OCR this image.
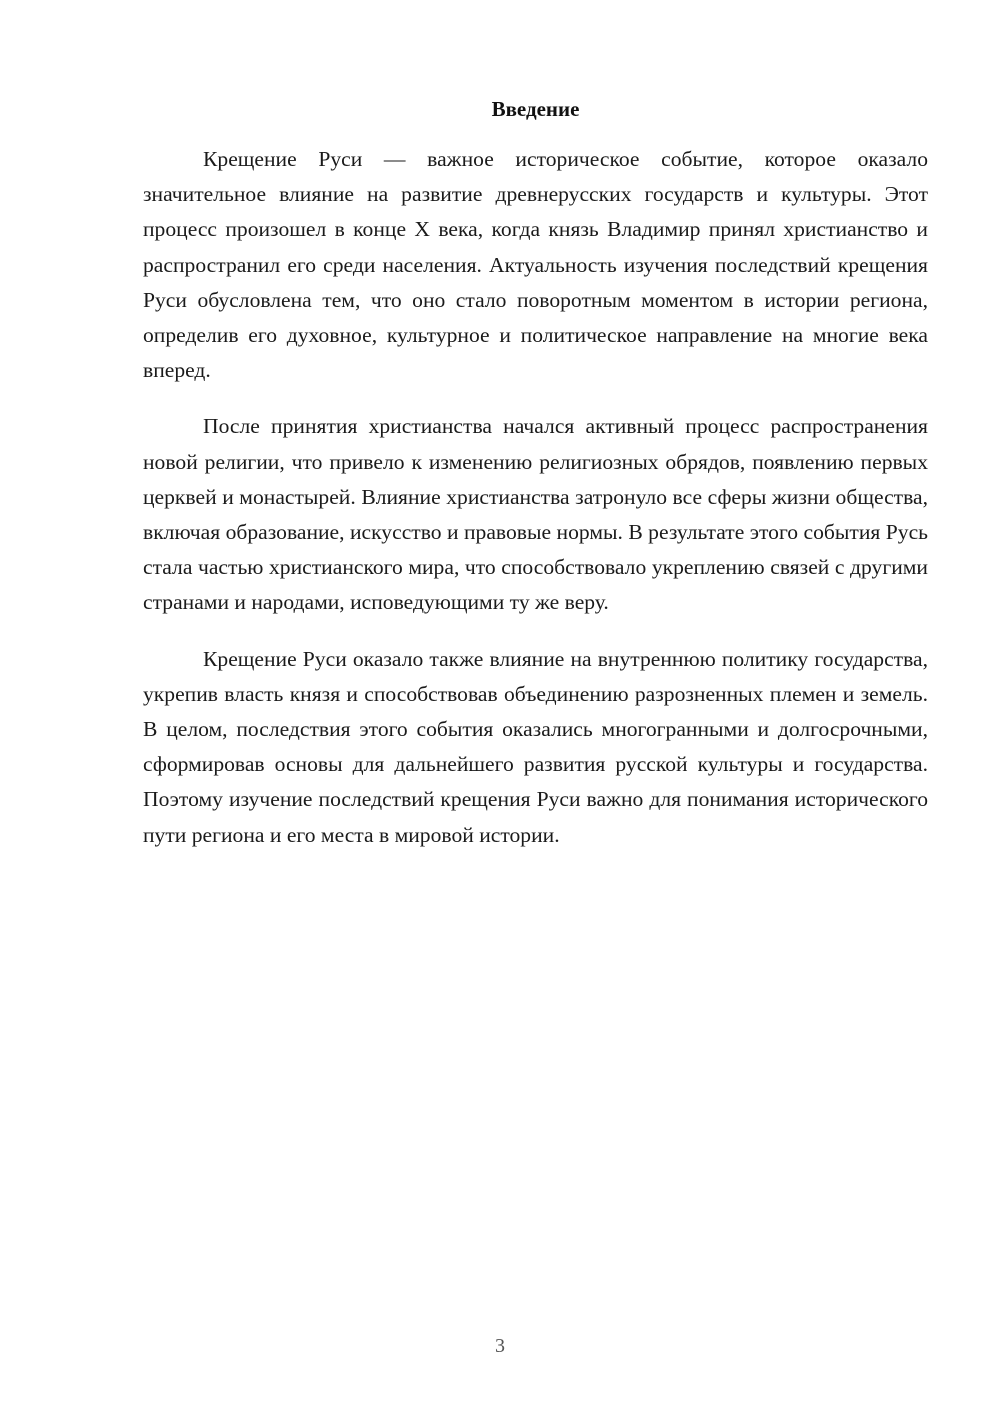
Введение

Крещение Руси — важное историческое событие, которое оказало значительное влияние на развитие древнерусских государств и культуры. Этот процесс произошел в конце X века, когда князь Владимир принял христианство и распространил его среди населения. Актуальность изучения последствий крещения Руси обусловлена тем, что оно стало поворотным моментом в истории региона, определив его духовное, культурное и политическое направление на многие века вперед.

После принятия христианства начался активный процесс распространения новой религии, что привело к изменению религиозных обрядов, появлению первых церквей и монастырей. Влияние христианства затронуло все сферы жизни общества, включая образование, искусство и правовые нормы. В результате этого события Русь стала частью христианского мира, что способствовало укреплению связей с другими странами и народами, исповедующими ту же веру.

Крещение Руси оказало также влияние на внутреннюю политику государства, укрепив власть князя и способствовав объединению разрозненных племен и земель. В целом, последствия этого события оказались многогранными и долгосрочными, сформировав основы для дальнейшего развития русской культуры и государства. Поэтому изучение последствий крещения Руси важно для понимания исторического пути региона и его места в мировой истории.

3
